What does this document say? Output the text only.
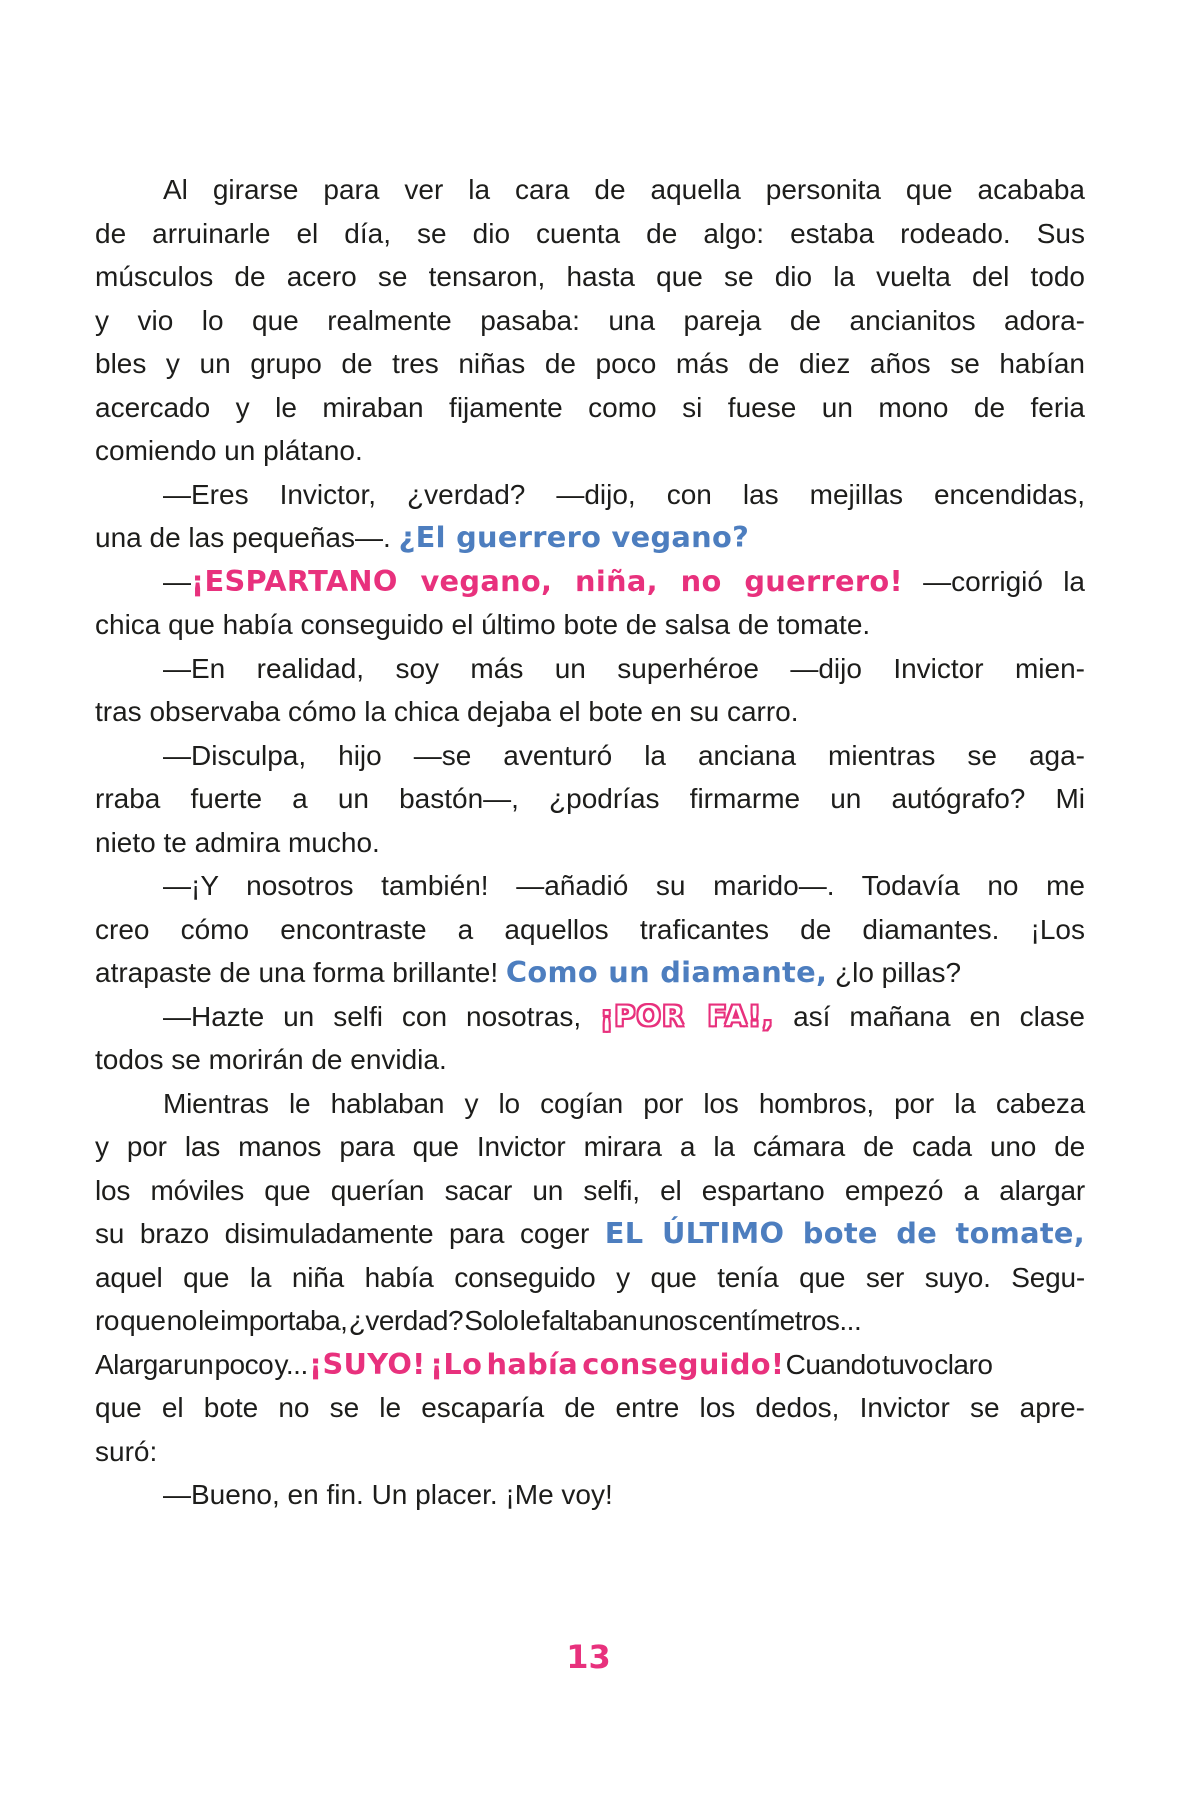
Al girarse para ver la cara de aquella personita que acababa
de arruinarle el día, se dio cuenta de algo: estaba rodeado. Sus
músculos de acero se tensaron, hasta que se dio la vuelta del todo
y vio lo que realmente pasaba: una pareja de ancianitos adora-
bles y un grupo de tres niñas de poco más de diez años se habían
acercado y le miraban fijamente como si fuese un mono de feria
comiendo un plátano.
—Eres Invictor, ¿verdad? —dijo, con las mejillas encendidas,
una de las pequeñas—. ¿El guerrero vegano?
—¡ESPARTANO vegano, niña, no guerrero! —corrigió la
chica que había conseguido el último bote de salsa de tomate.
—En realidad, soy más un superhéroe —dijo Invictor mien-
tras observaba cómo la chica dejaba el bote en su carro.
—Disculpa, hijo —se aventuró la anciana mientras se aga-
rraba fuerte a un bastón—, ¿podrías firmarme un autógrafo? Mi
nieto te admira mucho.
—¡Y nosotros también! —añadió su marido—. Todavía no me
creo cómo encontraste a aquellos traficantes de diamantes. ¡Los
atrapaste de una forma brillante! Como un diamante, ¿lo pillas?
—Hazte un selfi con nosotras, ¡POR FA!, así mañana en clase
todos se morirán de envidia.
Mientras le hablaban y lo cogían por los hombros, por la cabeza
y por las manos para que Invictor mirara a la cámara de cada uno de
los móviles que querían sacar un selfi, el espartano empezó a alargar
su brazo disimuladamente para coger EL ÚLTIMO bote de tomate,
aquel que la niña había conseguido y que tenía que ser suyo. Segu-
ro que no le importaba, ¿verdad? Solo le faltaban unos centímetros...
Alargar un poco y... ¡SUYO! ¡Lo había conseguido! Cuando tuvo claro
que el bote no se le escaparía de entre los dedos, Invictor se apre-
suró:
—Bueno, en fin. Un placer. ¡Me voy!
13
